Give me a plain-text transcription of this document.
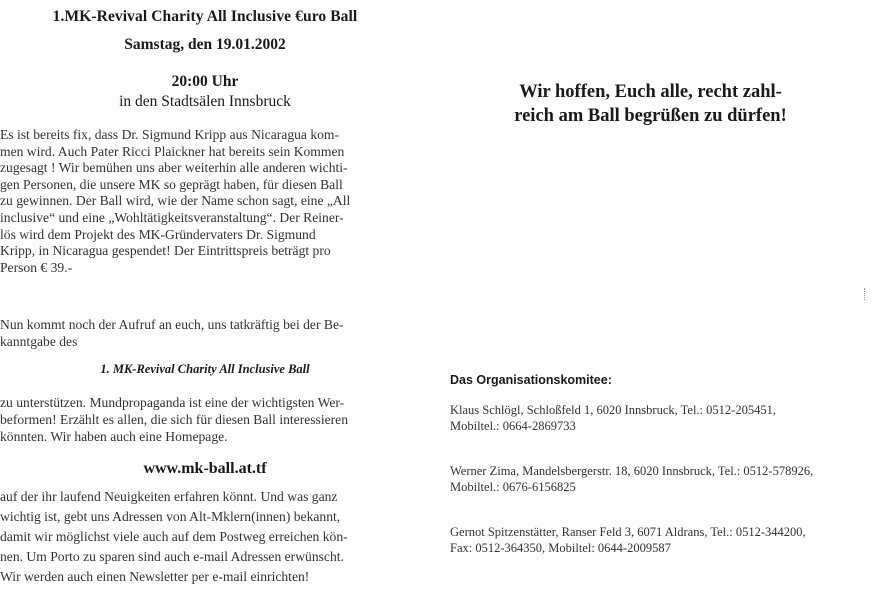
1.MK-Revival Charity All Inclusive €uro Ball
Samstag, den 19.01.2002
20:00 Uhr
in den Stadtsälen Innsbruck
Es ist bereits fix, dass Dr. Sigmund Kripp aus Nicaragua kom-
men wird. Auch Pater Ricci Plaickner hat bereits sein Kommen
zugesagt ! Wir bemühen uns aber weiterhin alle anderen wichti-
gen Personen, die unsere MK so geprägt haben, für diesen Ball
zu gewinnen. Der Ball wird, wie der Name schon sagt, eine „All
inclusive“ und eine „Wohltätigkeitsveranstaltung“. Der Reiner-
lös wird dem Projekt des MK-Gründervaters Dr. Sigmund
Kripp, in Nicaragua gespendet! Der Eintrittspreis beträgt pro
Person € 39.-
Nun kommt noch der Aufruf an euch, uns tatkräftig bei der Be-
kanntgabe des
1. MK-Revival Charity All Inclusive Ball
zu unterstützen. Mundpropaganda ist eine der wichtigsten Wer-
beformen! Erzählt es allen, die sich für diesen Ball interessieren
könnten. Wir haben auch eine Homepage.
www.mk-ball.at.tf
auf der ihr laufend Neuigkeiten erfahren könnt. Und was ganz
wichtig ist, gebt uns Adressen von Alt-Mklern(innen) bekannt,
damit wir möglichst viele auch auf dem Postweg erreichen kön-
nen. Um Porto zu sparen sind auch e-mail Adressen erwünscht.
Wir werden auch einen Newsletter per e-mail einrichten!
Wir hoffen, Euch alle, recht zahl-
reich am Ball begrüßen zu dürfen!
Das Organisationskomitee:
Klaus Schlögl, Schloßfeld 1, 6020 Innsbruck, Tel.: 0512-205451,
Mobiltel.: 0664-2869733
Werner Zima, Mandelsbergerstr. 18, 6020 Innsbruck, Tel.: 0512-578926,
Mobiltel.: 0676-6156825
Gernot Spitzenstätter, Ranser Feld 3, 6071 Aldrans, Tel.: 0512-344200,
Fax: 0512-364350, Mobiltel: 0644-2009587
